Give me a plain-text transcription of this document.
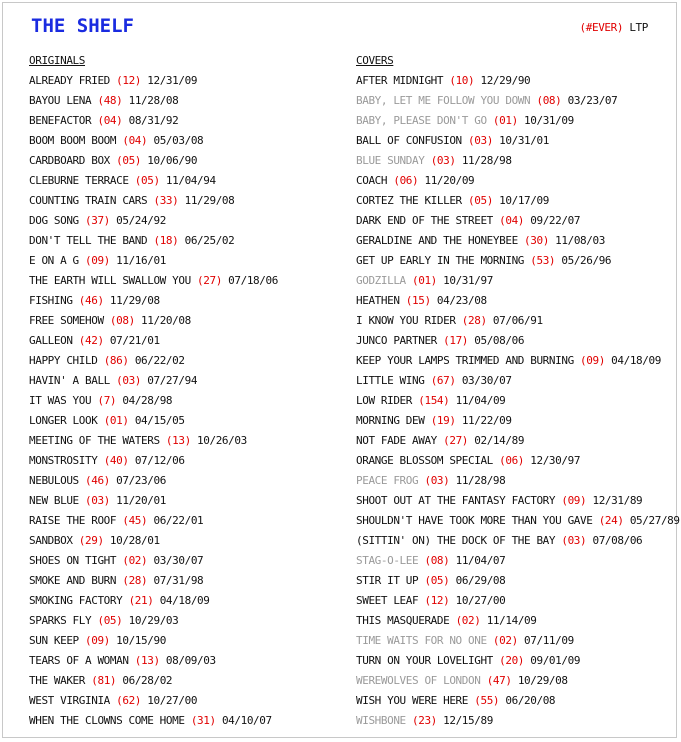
THE SHELF	(#EVER) LTP
ORIGINALS
ALREADY FRIED (12) 12/31/09
BAYOU LENA (48) 11/28/08
BENEFACTOR (04) 08/31/92
BOOM BOOM BOOM (04) 05/03/08
CARDBOARD BOX (05) 10/06/90
CLEBURNE TERRACE (05) 11/04/94
COUNTING TRAIN CARS (33) 11/29/08
DOG SONG (37) 05/24/92
DON'T TELL THE BAND (18) 06/25/02
E ON A G (09) 11/16/01
THE EARTH WILL SWALLOW YOU (27) 07/18/06
FISHING (46) 11/29/08
FREE SOMEHOW (08) 11/20/08
GALLEON (42) 07/21/01
HAPPY CHILD (86) 06/22/02
HAVIN' A BALL (03) 07/27/94
IT WAS YOU (7) 04/28/98
LONGER LOOK (01) 04/15/05
MEETING OF THE WATERS (13) 10/26/03
MONSTROSITY (40) 07/12/06
NEBULOUS (46) 07/23/06
NEW BLUE (03) 11/20/01
RAISE THE ROOF (45) 06/22/01
SANDBOX (29) 10/28/01
SHOES ON TIGHT (02) 03/30/07
SMOKE AND BURN (28) 07/31/98
SMOKING FACTORY (21) 04/18/09
SPARKS FLY (05) 10/29/03
SUN KEEP (09) 10/15/90
TEARS OF A WOMAN (13) 08/09/03
THE WAKER (81) 06/28/02
WEST VIRGINIA (62) 10/27/00
WHEN THE CLOWNS COME HOME (31) 04/10/07
COVERS
AFTER MIDNIGHT (10) 12/29/90
BABY, LET ME FOLLOW YOU DOWN (08) 03/23/07
BABY, PLEASE DON'T GO (01) 10/31/09
BALL OF CONFUSION (03) 10/31/01
BLUE SUNDAY (03) 11/28/98
COACH (06) 11/20/09
CORTEZ THE KILLER (05) 10/17/09
DARK END OF THE STREET (04) 09/22/07
GERALDINE AND THE HONEYBEE (30) 11/08/03
GET UP EARLY IN THE MORNING (53) 05/26/96
GODZILLA (01) 10/31/97
HEATHEN (15) 04/23/08
I KNOW YOU RIDER (28) 07/06/91
JUNCO PARTNER (17) 05/08/06
KEEP YOUR LAMPS TRIMMED AND BURNING (09) 04/18/09
LITTLE WING (67) 03/30/07
LOW RIDER (154) 11/04/09
MORNING DEW (19) 11/22/09
NOT FADE AWAY (27) 02/14/89
ORANGE BLOSSOM SPECIAL (06) 12/30/97
PEACE FROG (03) 11/28/98
SHOOT OUT AT THE FANTASY FACTORY (09) 12/31/89
SHOULDN'T HAVE TOOK MORE THAN YOU GAVE (24) 05/27/89
(SITTIN' ON) THE DOCK OF THE BAY (03) 07/08/06
STAG-O-LEE (08) 11/04/07
STIR IT UP (05) 06/29/08
SWEET LEAF (12) 10/27/00
THIS MASQUERADE (02) 11/14/09
TIME WAITS FOR NO ONE (02) 07/11/09
TURN ON YOUR LOVELIGHT (20) 09/01/09
WEREWOLVES OF LONDON (47) 10/29/08
WISH YOU WERE HERE (55) 06/20/08
WISHBONE (23) 12/15/89
